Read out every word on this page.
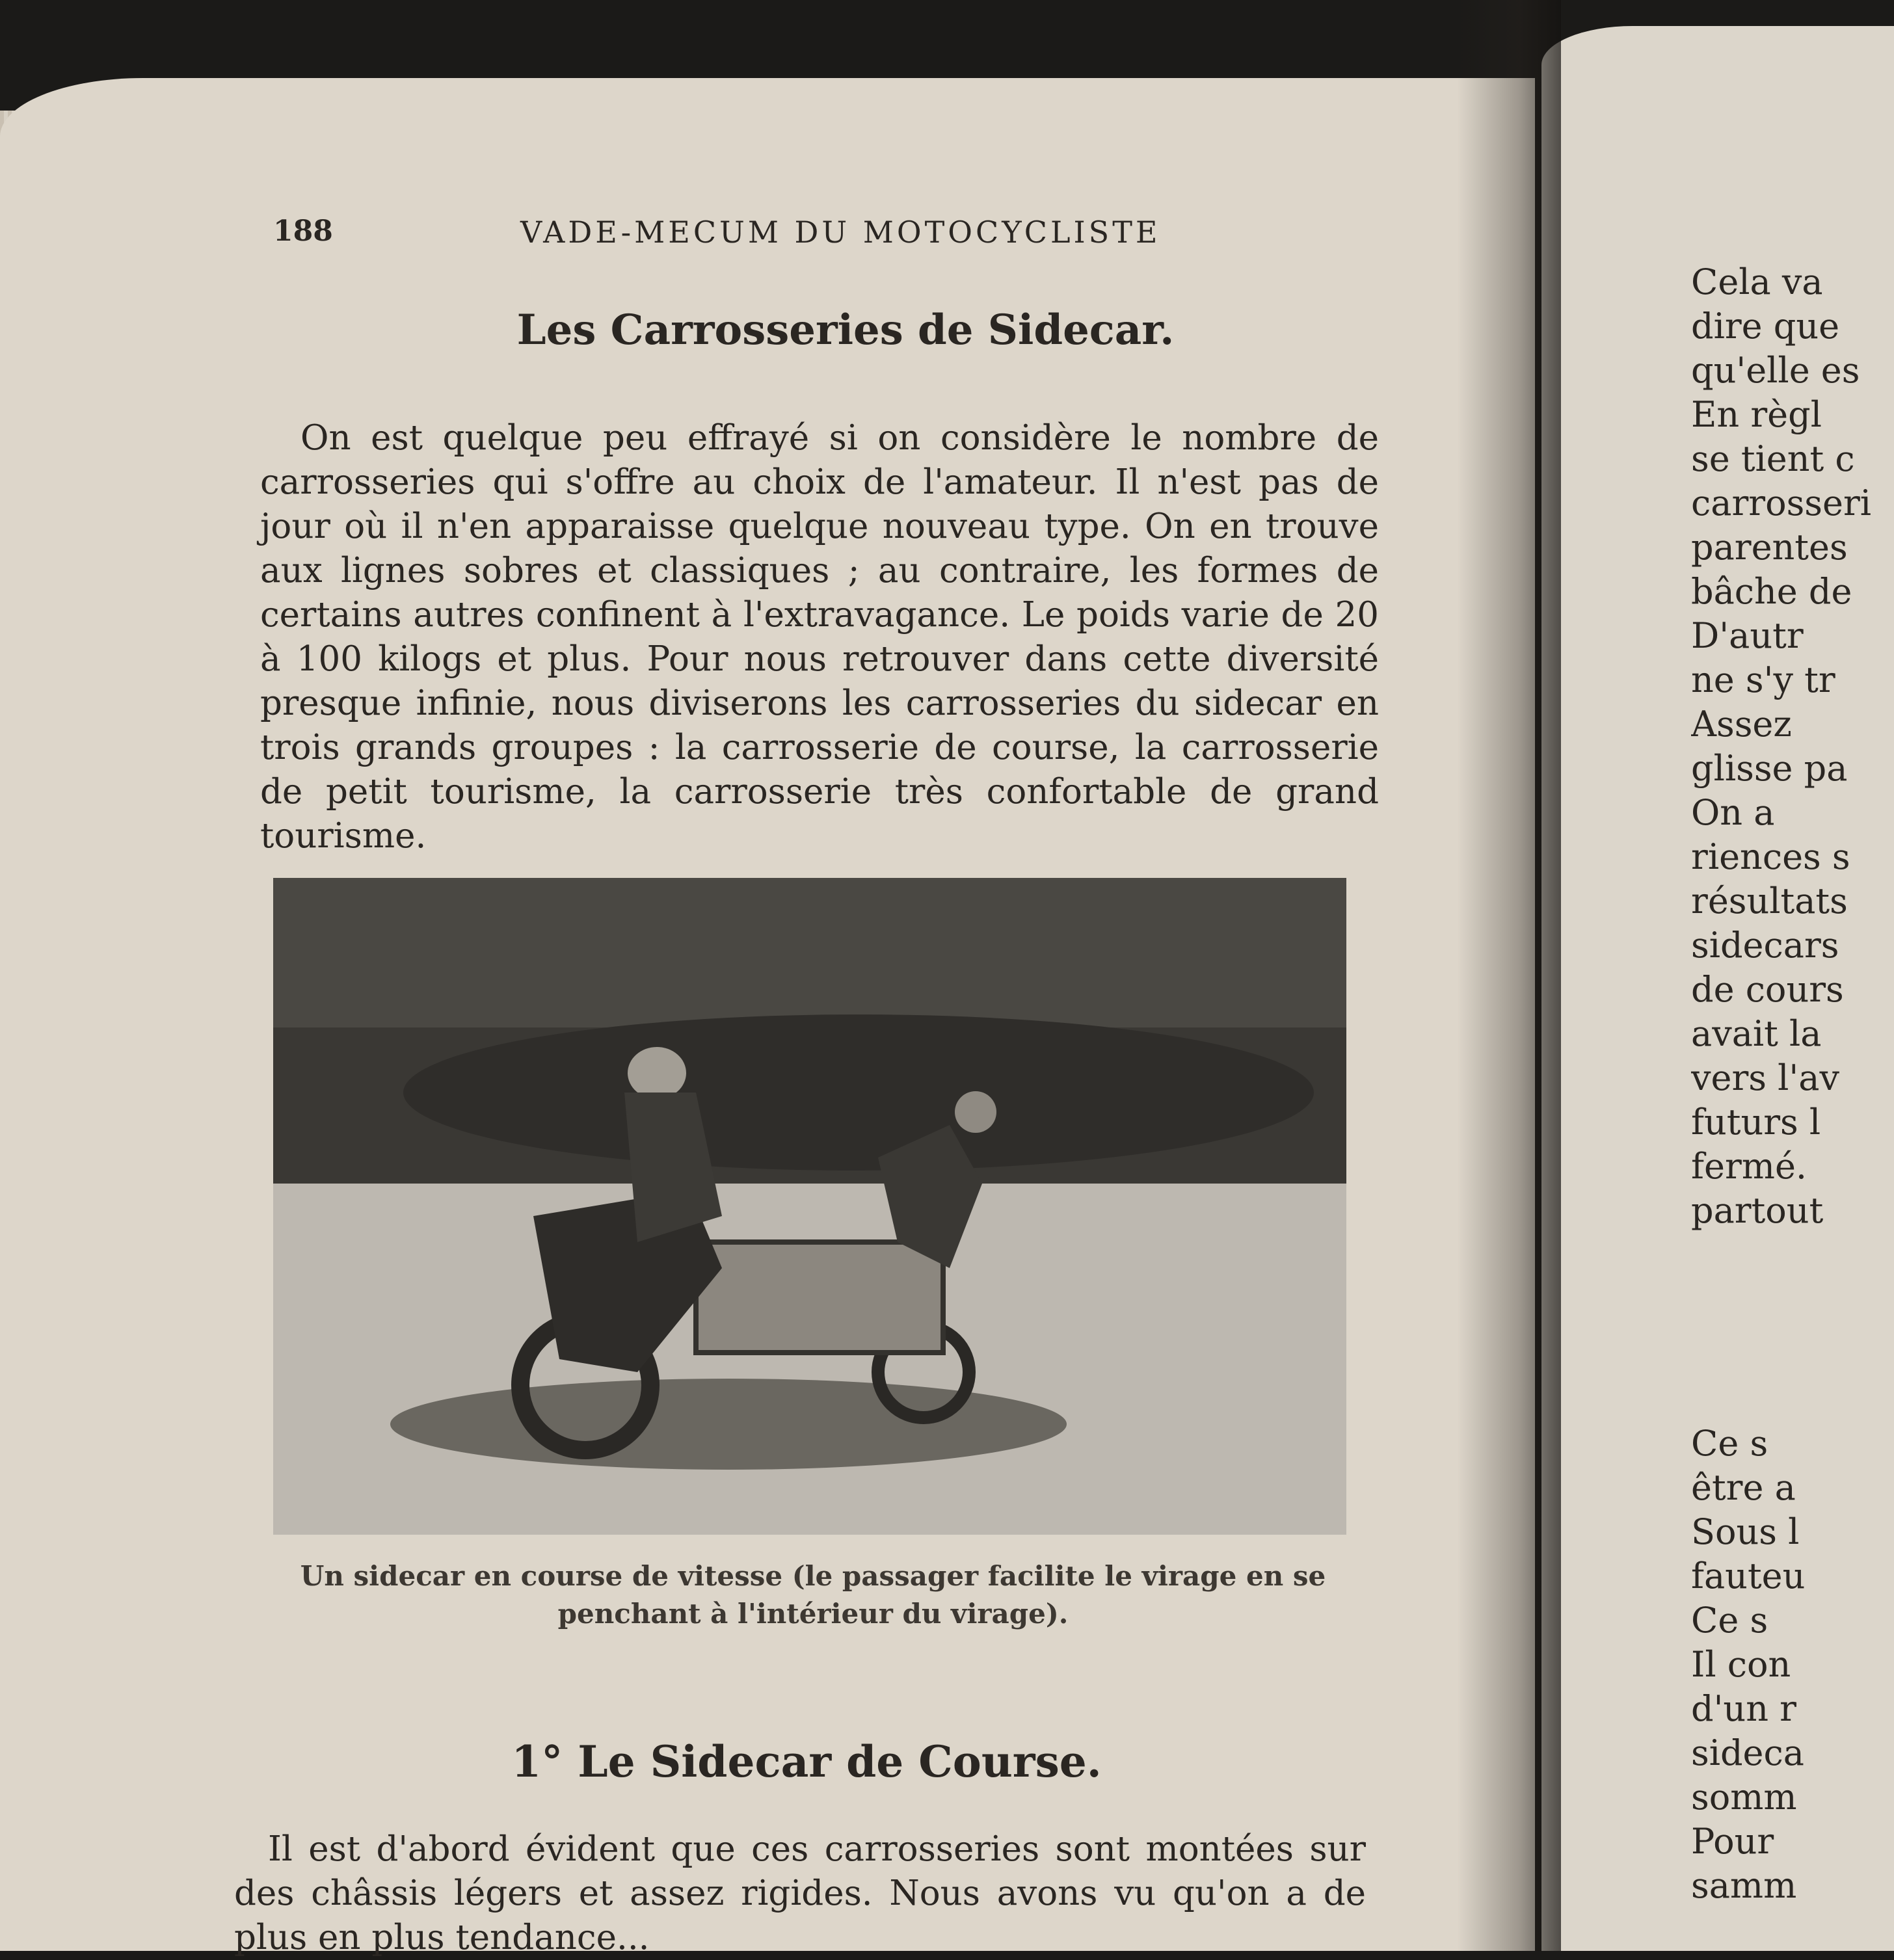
188	VADE-MECUM DU MOTOCYCLISTE
Les Carrosseries de Sidecar.
On est quelque peu effrayé si on considère le nombre de carrosseries qui s'offre au choix de l'amateur. Il n'est pas de jour où il n'en apparaisse quelque nouveau type. On en trouve aux lignes sobres et classiques ; au contraire, les formes de certains autres confinent à l'extravagance. Le poids varie de 20 à 100 kilogs et plus. Pour nous retrouver dans cette diversité presque infinie, nous diviserons les carrosseries du sidecar en trois grands groupes : la carrosserie de course, la carrosserie de petit tourisme, la carrosserie très confortable de grand tourisme.
Un sidecar en course de vitesse (le passager facilite le virage en se penchant à l'intérieur du virage).
1° Le Sidecar de Course.
Il est d'abord évident que ces carrosseries sont montées sur des châssis légers et assez rigides. Nous avons vu qu'on a de plus en plus tendance...
Cela va
dire que
qu'elle es
En règl
se tient c
carrosseri
parentes
bâche de
D'autr
ne s'y tr
Assez
glisse pa
On a
riences s
résultats
sidecars
de cours
avait la
vers l'av
futurs l
fermé.
partout
Ce s
être a
Sous l
fauteu
Ce s
Il con
d'un r
sideca
somm
Pour
samm
